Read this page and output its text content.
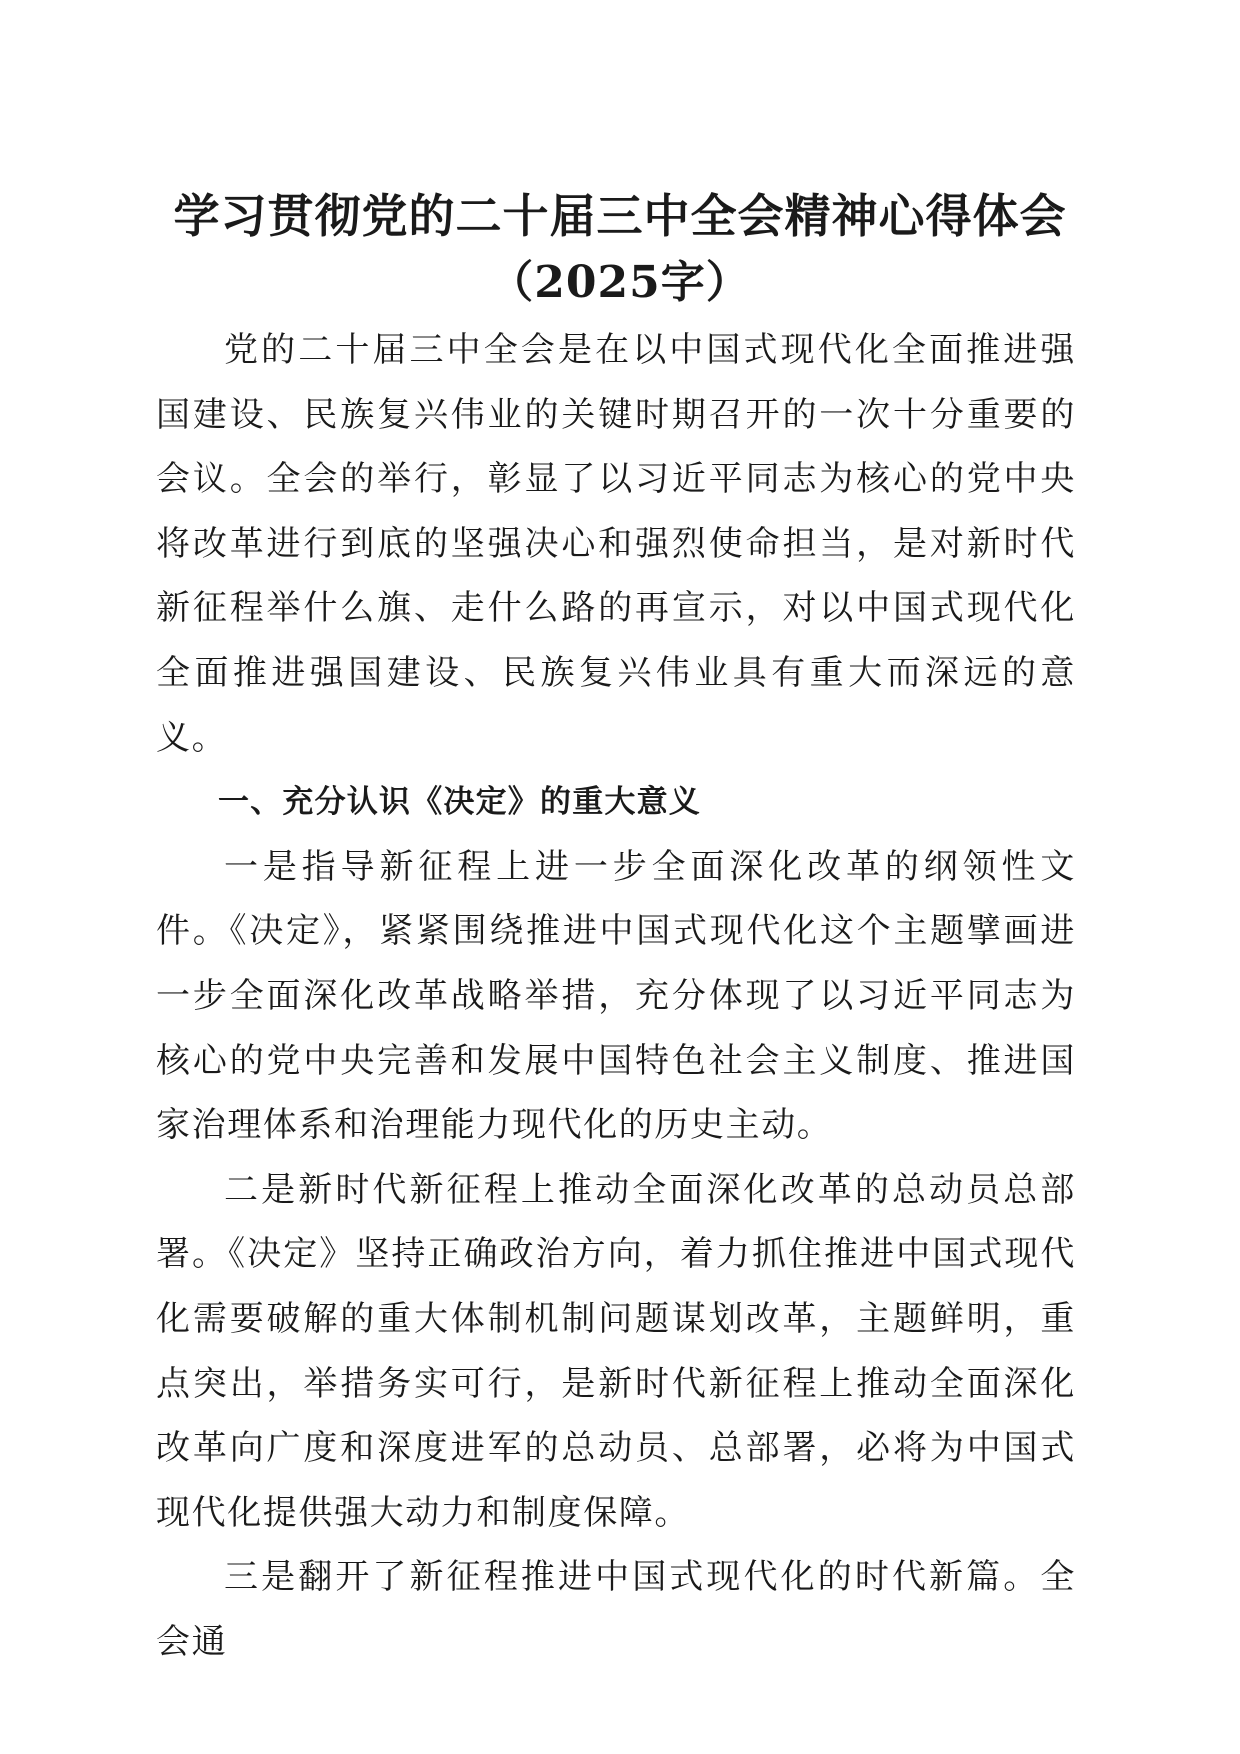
学习贯彻党的二十届三中全会精神心得体会
（2025字）

党的二十届三中全会是在以中国式现代化全面推进强国建设、民族复兴伟业的关键时期召开的一次十分重要的会议。全会的举行，彰显了以习近平同志为核心的党中央将改革进行到底的坚强决心和强烈使命担当，是对新时代新征程举什么旗、走什么路的再宣示，对以中国式现代化全面推进强国建设、民族复兴伟业具有重大而深远的意义。

一、充分认识《决定》的重大意义

一是指导新征程上进一步全面深化改革的纲领性文件。《决定》，紧紧围绕推进中国式现代化这个主题擘画进一步全面深化改革战略举措，充分体现了以习近平同志为核心的党中央完善和发展中国特色社会主义制度、推进国家治理体系和治理能力现代化的历史主动。

二是新时代新征程上推动全面深化改革的总动员总部署。《决定》坚持正确政治方向，着力抓住推进中国式现代化需要破解的重大体制机制问题谋划改革，主题鲜明，重点突出，举措务实可行，是新时代新征程上推动全面深化改革向广度和深度进军的总动员、总部署，必将为中国式现代化提供强大动力和制度保障。

三是翻开了新征程推进中国式现代化的时代新篇。全会通
